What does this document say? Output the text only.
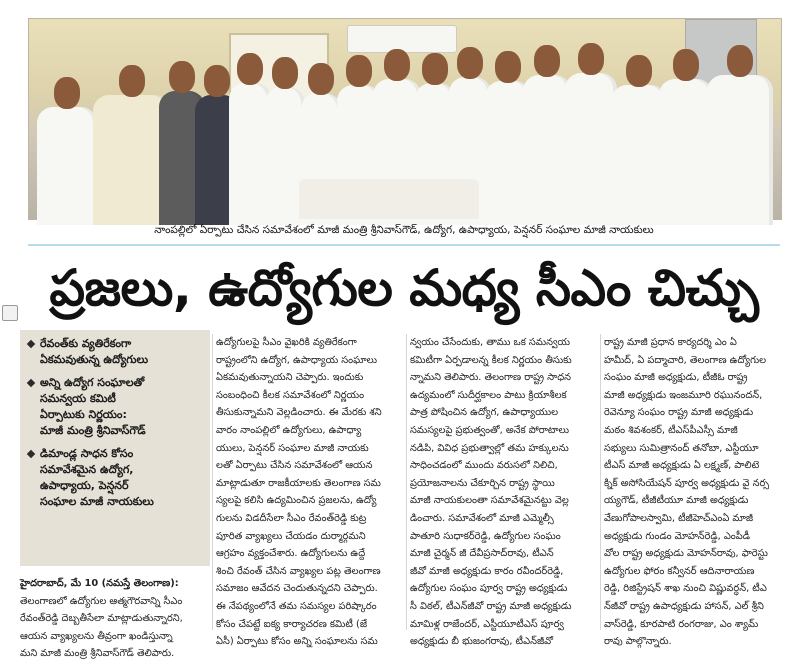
నాంపల్లిలో ఏర్పాటు చేసిన సమావేశంలో మాజీ మంత్రి శ్రీనివాస్‌గౌడ్‌, ఉద్యోగ, ఉపాధ్యాయ, పెన్షనర్‌ సంఘాల మాజీ నాయకులు
ప్రజలు, ఉద్యోగుల మధ్య సీఎం చిచ్చు
రేవంత్‌కు వ్యతిరేకంగా
ఏకమవుతున్న ఉద్యోగులు
అన్ని ఉద్యోగ సంఘాలతో
సమన్వయ కమిటీ
ఏర్పాటుకు నిర్ణయం:
మాజీ మంత్రి శ్రీనివాస్‌గౌడ్‌
డిమాండ్ల సాధన కోసం
సమావేశమైన ఉద్యోగ,
ఉపాధ్యాయ, పెన్షనర్‌
సంఘాల మాజీ నాయకులు
హైదరాబాద్‌, మే 10 (నమస్తే తెలంగాణ):
తెలంగాణలో ఉద్యోగుల ఆత్మగౌరవాన్ని సీఎం
రేవంత్‌రెడ్డి దెబ్బతీసేలా మాట్లాడుతున్నారని,
ఆయన వ్యాఖ్యలను తీవ్రంగా ఖండిస్తున్నా
మని మాజీ మంత్రి శ్రీనివాస్‌గౌడ్‌ తెలిపారు.
ఉద్యోగులపై సీఎం వైఖరికి వ్యతిరేకంగా
రాష్ట్రంలోని ఉద్యోగ, ఉపాధ్యాయ సంఘాలు
ఏకమవుతున్నాయని చెప్పారు. ఇందుకు
సంబంధించి కీలక సమావేశంలో నిర్ణయం
తీసుకున్నామని వెల్లడించారు. ఈ మేరకు శని
వారం నాంపల్లిలో ఉద్యోగులు, ఉపాధ్యా
యులు, పెన్షనర్‌ సంఘాల మాజీ నాయకు
లతో ఏర్పాటు చేసిన సమావేశంలో ఆయన
మాట్లాడుతూ రాజకీయాలకు తెలంగాణ సమ
స్యలపై కలిసి ఉద్యమించిన ప్రజలను, ఉద్యో
గులను విడదీసేలా సీఎం రేవంత్‌రెడ్డి కుట్ర
పూరిత వ్యాఖ్యలు చేయడం దుర్మార్గమని
ఆగ్రహం వ్యక్తంచేశారు. ఉద్యోగులను ఉద్దే
శించి రేవంత్‌ చేసిన వ్యాఖ్యల పట్ల తెలంగాణ
సమాజం ఆవేదన చెందుతున్నదని చెప్పారు.
ఈ నేపథ్యంలోనే తమ సమస్యల పరిష్కారం
కోసం చేపట్టే ఐక్య కార్యాచరణ కమిటీ (జే
ఏసీ) ఏర్పాటు కోసం అన్ని సంఘాలను సమ
న్వయం చేసేందుకు, తాము ఒక సమన్వయ
కమిటీగా ఏర్పడాలన్న కీలక నిర్ణయం తీసుకు
న్నామని తెలిపారు. తెలంగాణ రాష్ట్ర సాధన
ఉద్యమంలో సుదీర్ఘకాలం పాటు క్రియాశీలక
పాత్ర పోషించిన ఉద్యోగ, ఉపాధ్యాయుల
సమస్యలపై ప్రభుత్వంతో, అనేక పోరాటాలు
నడిపి, వివిధ ప్రభుత్వాల్లో తమ హక్కులను
సాధించడంలో ముందు వరుసలో నిలిచి,
ప్రయోజనాలను చేకూర్చిన రాష్ట్ర స్థాయి
మాజీ నాయకులంతా సమావేశమైనట్టు వెల్ల
డించారు. సమావేశంలో మాజీ ఎమ్మెల్సీ
పాతూరి సుధాకర్‌రెడ్డి, ఉద్యోగుల సంఘం
మాజీ చైర్మన్‌ జీ దేవీప్రసాద్‌రావు, టీఎన్‌
జీవో మాజీ అధ్యక్షుడు కారం రవీందర్‌రెడ్డి,
ఉద్యోగుల సంఘం పూర్వ రాష్ట్ర అధ్యక్షుడు
సీ విఠల్‌, టీఎన్‌జీవో రాష్ట్ర మాజీ అధ్యక్షుడు
మామిళ్ల రాజేందర్‌, ఎస్టీయూటీఎస్‌ పూర్వ
అధ్యక్షుడు బీ భుజంగరావు, టీఎన్‌జీవో
రాష్ట్ర మాజీ ప్రధాన కార్యదర్శి ఎం ఏ
హమీద్‌, ఏ పద్మాచారి, తెలంగాణ ఉద్యోగుల
సంఘం మాజీ అధ్యక్షుడు, టీజీఓ రాష్ట్ర
మాజీ అధ్యక్షుడు ఇంజమూరి రఘునందన్‌,
రెవెన్యూ సంఘం రాష్ట్ర మాజీ అధ్యక్షుడు
మఠం శివశంకర్‌, టీఎస్‌పీఎస్సీ మాజీ
సభ్యులు సుమిత్రానంద్‌ తనోబా, ఎస్టీయూ
టీఎస్‌ మాజీ అధ్యక్షుడు ఏ లక్ష్మణ్‌, పాలిటె
క్నిక్‌ అసోసియేషన్‌ పూర్వ అధ్యక్షుడు వై నర్స
య్యగౌడ్‌, టీజీటీయూ మాజీ అధ్యక్షుడు
వేణుగోపాలస్వామి, టీజీహెచ్‌ఎంఏ మాజీ
అధ్యక్షుడు గుండం మోహన్‌రెడ్డి, ఎంపీడీ
వోల రాష్ట్ర అధ్యక్షుడు మోహన్‌రావు, ఫారెస్టు
ఉద్యోగుల ఫోరం కన్వీనర్‌ ఆదినారాయణ
రెడ్డి, రిజిస్ట్రేషన్‌ శాఖ నుంచి విష్ణువర్ధన్‌, టీఎ
న్‌జీవో రాష్ట్ర ఉపాధ్యక్షుడు హాసన్‌, ఎల్‌ శ్రీని
వాస్‌రెడ్డి, కూరపాటి రంగరాజు, ఎం శ్యామ్‌
రావు పాల్గొన్నారు.
